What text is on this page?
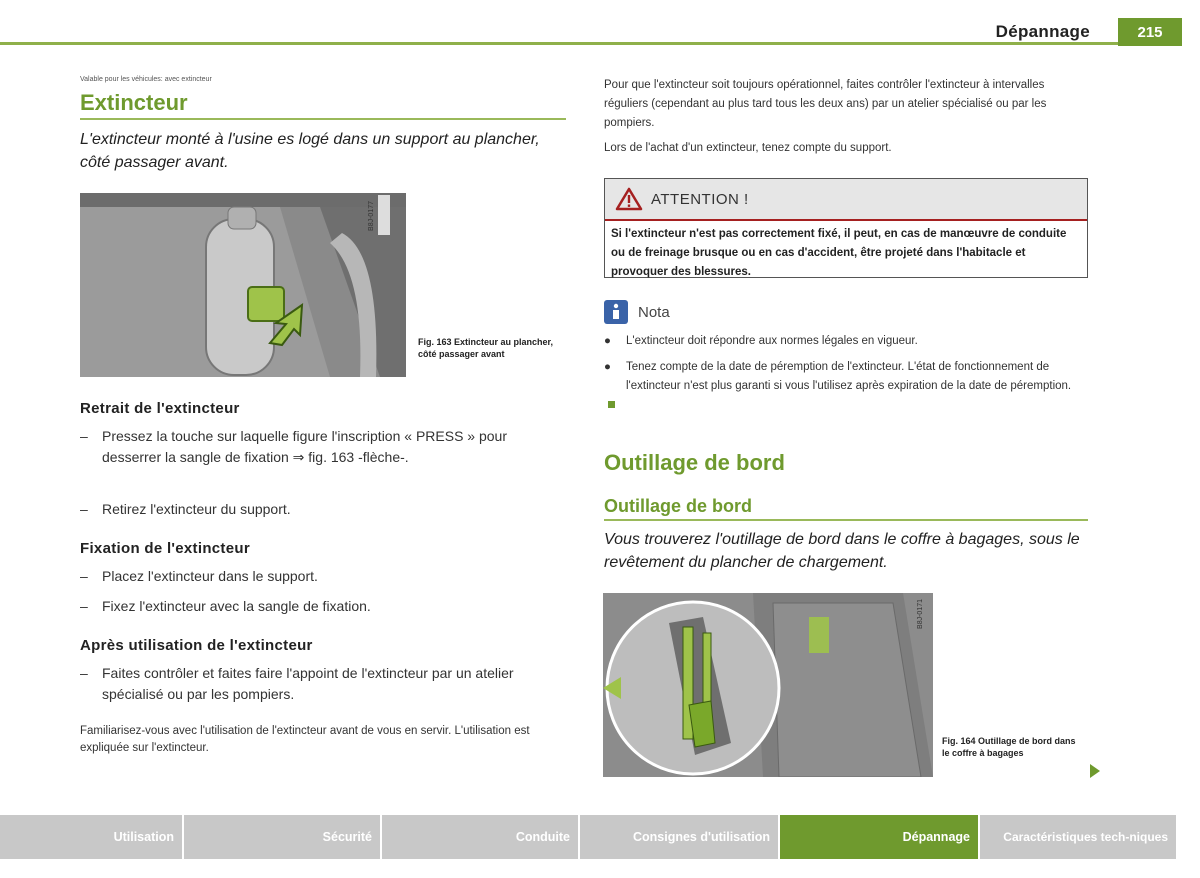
Dépannage	215
Valable pour les véhicules: avec extincteur
Extincteur
L'extincteur monté à l'usine es logé dans un support au plancher, côté passager avant.
B8J-0177
Fig. 163 Extincteur au plancher, côté passager avant
Retrait de l'extincteur
– Pressez la touche sur laquelle figure l'inscription « PRESS » pour desserrer la sangle de fixation ⇒ fig. 163 -flèche-.
– Retirez l'extincteur du support.
Fixation de l'extincteur
– Placez l'extincteur dans le support.
– Fixez l'extincteur avec la sangle de fixation.
Après utilisation de l'extincteur
– Faites contrôler et faites faire l'appoint de l'extincteur par un atelier spécialisé ou par les pompiers.
Familiarisez-vous avec l'utilisation de l'extincteur avant de vous en servir. L'utilisation est expliquée sur l'extincteur.
Pour que l'extincteur soit toujours opérationnel, faites contrôler l'extincteur à intervalles réguliers (cependant au plus tard tous les deux ans) par un atelier spécialisé ou par les pompiers.
Lors de l'achat d'un extincteur, tenez compte du support.
ATTENTION !
Si l'extincteur n'est pas correctement fixé, il peut, en cas de manœuvre de conduite ou de freinage brusque ou en cas d'accident, être projeté dans l'habitacle et provoquer des blessures.
Nota
●	L'extincteur doit répondre aux normes légales en vigueur.
●	Tenez compte de la date de péremption de l'extincteur. L'état de fonctionnement de l'extincteur n'est plus garanti si vous l'utilisez après expiration de la date de péremption.
Outillage de bord
Outillage de bord
Vous trouverez l'outillage de bord dans le coffre à bagages, sous le revêtement du plancher de chargement.
B8J-0171
Fig. 164 Outillage de bord dans le coffre à bagages
Utilisation	Sécurité	Conduite	Consignes d'utilisation	Dépannage	Caractéristiques tech-niques
